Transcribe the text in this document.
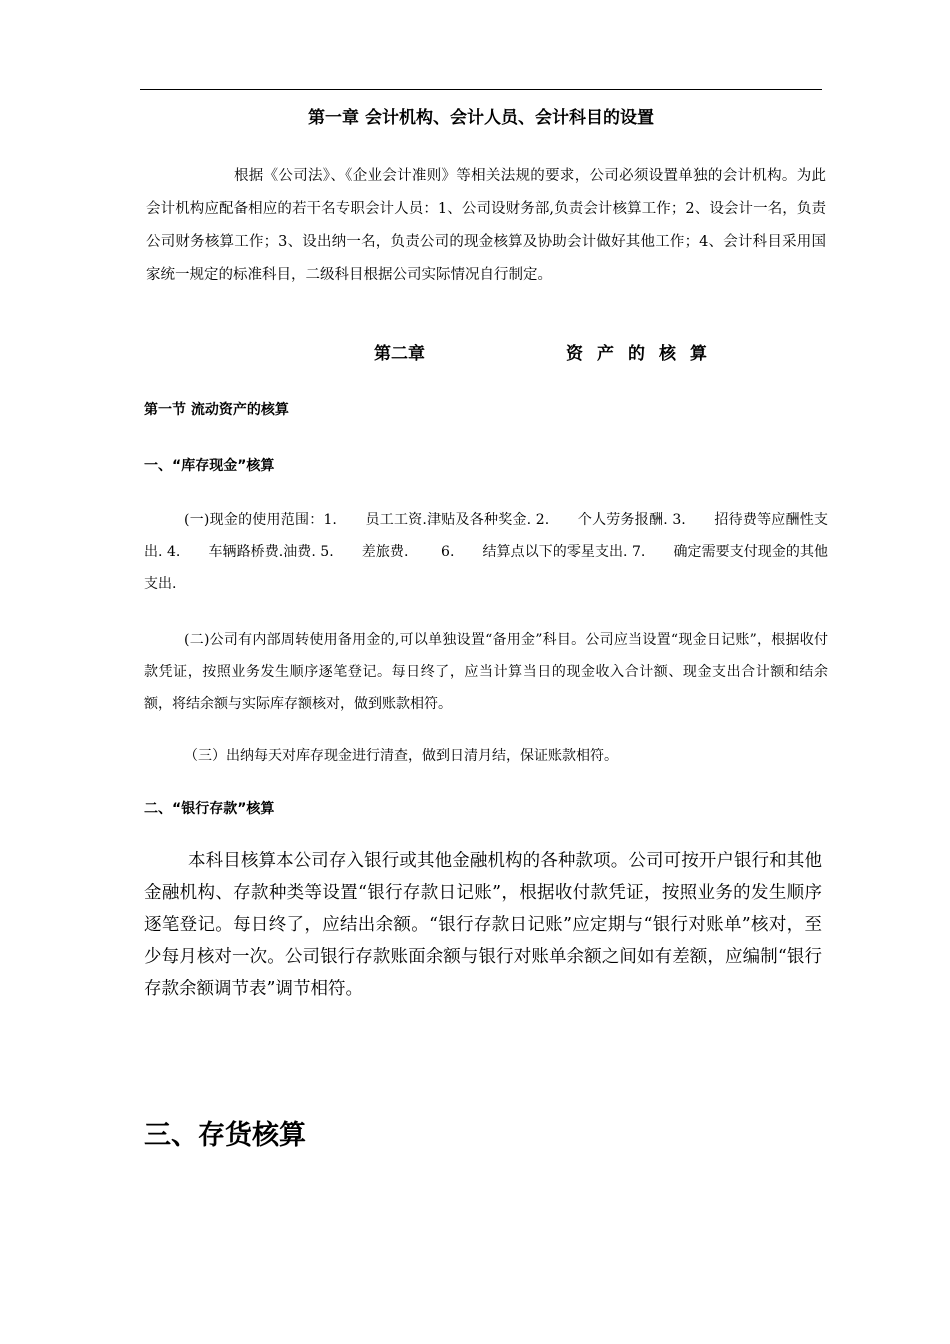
第一章 会计机构、会计人员、会计科目的设置

根据《公司法》、《企业会计准则》等相关法规的要求，公司必须设置单独的会计机构。为此会计机构应配备相应的若干名专职会计人员：1、公司设财务部,负责会计核算工作；2、设会计一名，负责公司财务核算工作；3、设出纳一名，负责公司的现金核算及协助会计做好其他工作；4、会计科目采用国家统一规定的标准科目，二级科目根据公司实际情况自行制定。

第二章	资产的核算
第一节 流动资产的核算
一、“库存现金”核算

(一)现金的使用范围：1.　　员工工资.津贴及各种奖金. 2.　　个人劳务报酬. 3.　　招待费等应酬性支出. 4.　　车辆路桥费.油费. 5.　　差旅费.　　 6.　　结算点以下的零星支出. 7.　　确定需要支付现金的其他支出.

(二)公司有内部周转使用备用金的,可以单独设置“备用金”科目。公司应当设置“现金日记账”，根据收付款凭证，按照业务发生顺序逐笔登记。每日终了，应当计算当日的现金收入合计额、现金支出合计额和结余额，将结余额与实际库存额核对，做到账款相符。

（三）出纳每天对库存现金进行清查，做到日清月结，保证账款相符。

二、“银行存款”核算

本科目核算本公司存入银行或其他金融机构的各种款项。公司可按开户银行和其他金融机构、存款种类等设置“银行存款日记账”，根据收付款凭证，按照业务的发生顺序逐笔登记。每日终了，应结出余额。“银行存款日记账”应定期与“银行对账单”核对，至少每月核对一次。公司银行存款账面余额与银行对账单余额之间如有差额，应编制“银行存款余额调节表”调节相符。

三、存货核算
